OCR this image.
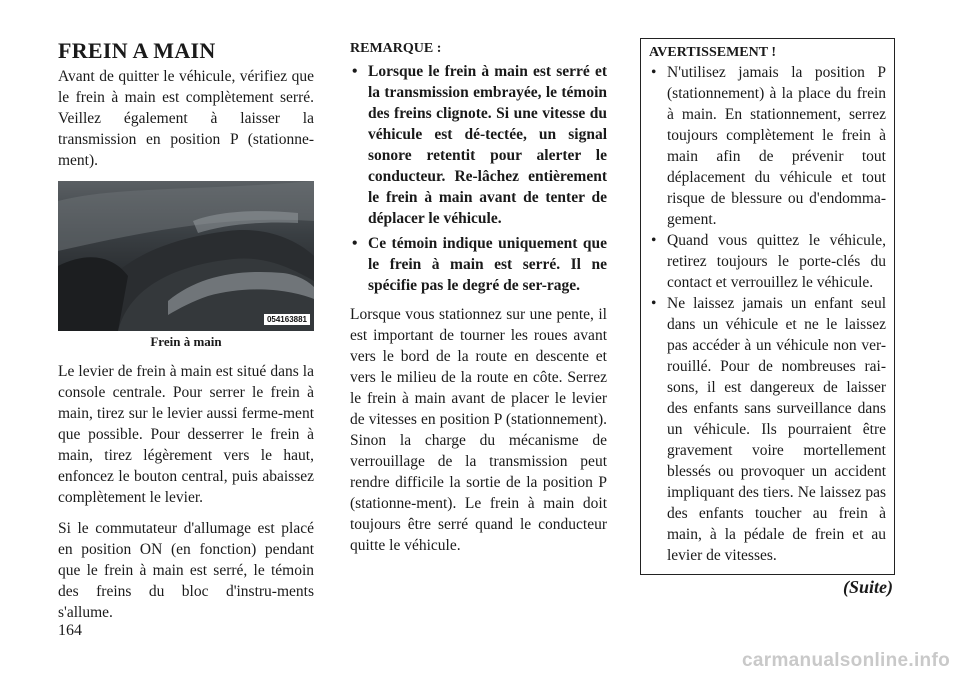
FREIN A MAIN

Avant de quitter le véhicule, vérifiez que le frein à main est complètement serré. Veillez également à laisser la transmission en position P (stationne-ment).

054163881
Frein à main

Le levier de frein à main est situé dans la console centrale. Pour serrer le frein à main, tirez sur le levier aussi ferme-ment que possible. Pour desserrer le frein à main, tirez légèrement vers le haut, enfoncez le bouton central, puis abaissez complètement le levier.

Si le commutateur d'allumage est placé en position ON (en fonction) pendant que le frein à main est serré, le témoin des freins du bloc d'instru-ments s'allume.

REMARQUE :
• Lorsque le frein à main est serré et la transmission embrayée, le témoin des freins clignote. Si une vitesse du véhicule est dé-tectée, un signal sonore retentit pour alerter le conducteur. Re-lâchez entièrement le frein à main avant de tenter de déplacer le véhicule.
• Ce témoin indique uniquement que le frein à main est serré. Il ne spécifie pas le degré de ser-rage.

Lorsque vous stationnez sur une pente, il est important de tourner les roues avant vers le bord de la route en descente et vers le milieu de la route en côte. Serrez le frein à main avant de placer le levier de vitesses en position P (stationnement). Sinon la charge du mécanisme de verrouillage de la transmission peut rendre difficile la sortie de la position P (stationne-ment). Le frein à main doit toujours être serré quand le conducteur quitte le véhicule.

AVERTISSEMENT !
• N'utilisez jamais la position P (stationnement) à la place du frein à main. En stationnement, serrez toujours complètement le frein à main afin de prévenir tout déplacement du véhicule et tout risque de blessure ou d'endomma-gement.
• Quand vous quittez le véhicule, retirez toujours le porte-clés du contact et verrouillez le véhicule.
• Ne laissez jamais un enfant seul dans un véhicule et ne le laissez pas accéder à un véhicule non ver-rouillé. Pour de nombreuses rai-sons, il est dangereux de laisser des enfants sans surveillance dans un véhicule. Ils pourraient être gravement voire mortellement blessés ou provoquer un accident impliquant des tiers. Ne laissez pas des enfants toucher au frein à main, à la pédale de frein et au levier de vitesses.
(Suite)
164
carmanualsonline.info
